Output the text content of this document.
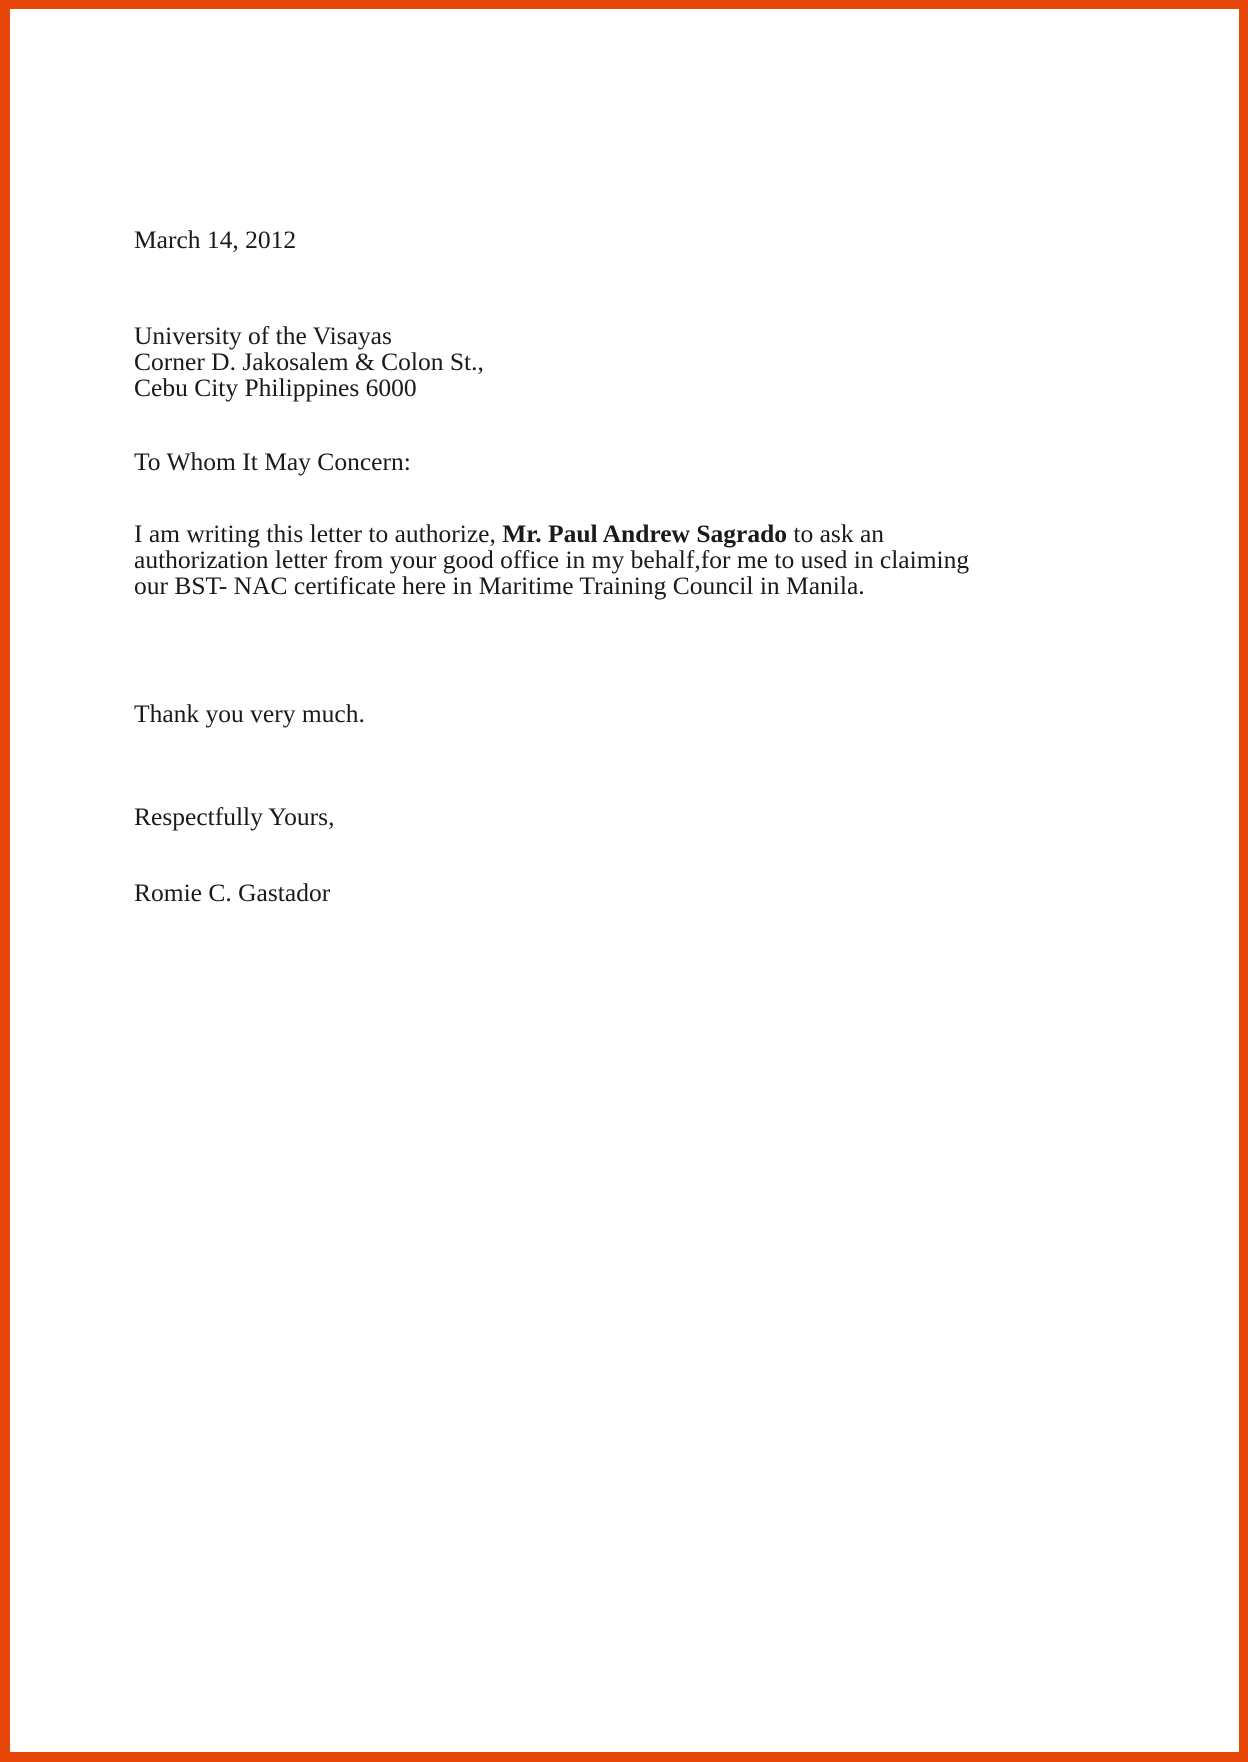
March 14, 2012
University of the Visayas
Corner D. Jakosalem & Colon St.,
Cebu City Philippines 6000
To Whom It May Concern:
I am writing this letter to authorize, Mr. Paul Andrew Sagrado to ask an authorization letter from your good office in my behalf,for me to used in claiming our BST- NAC certificate here in Maritime Training Council in Manila.
Thank you very much.
Respectfully Yours,
Romie C. Gastador
